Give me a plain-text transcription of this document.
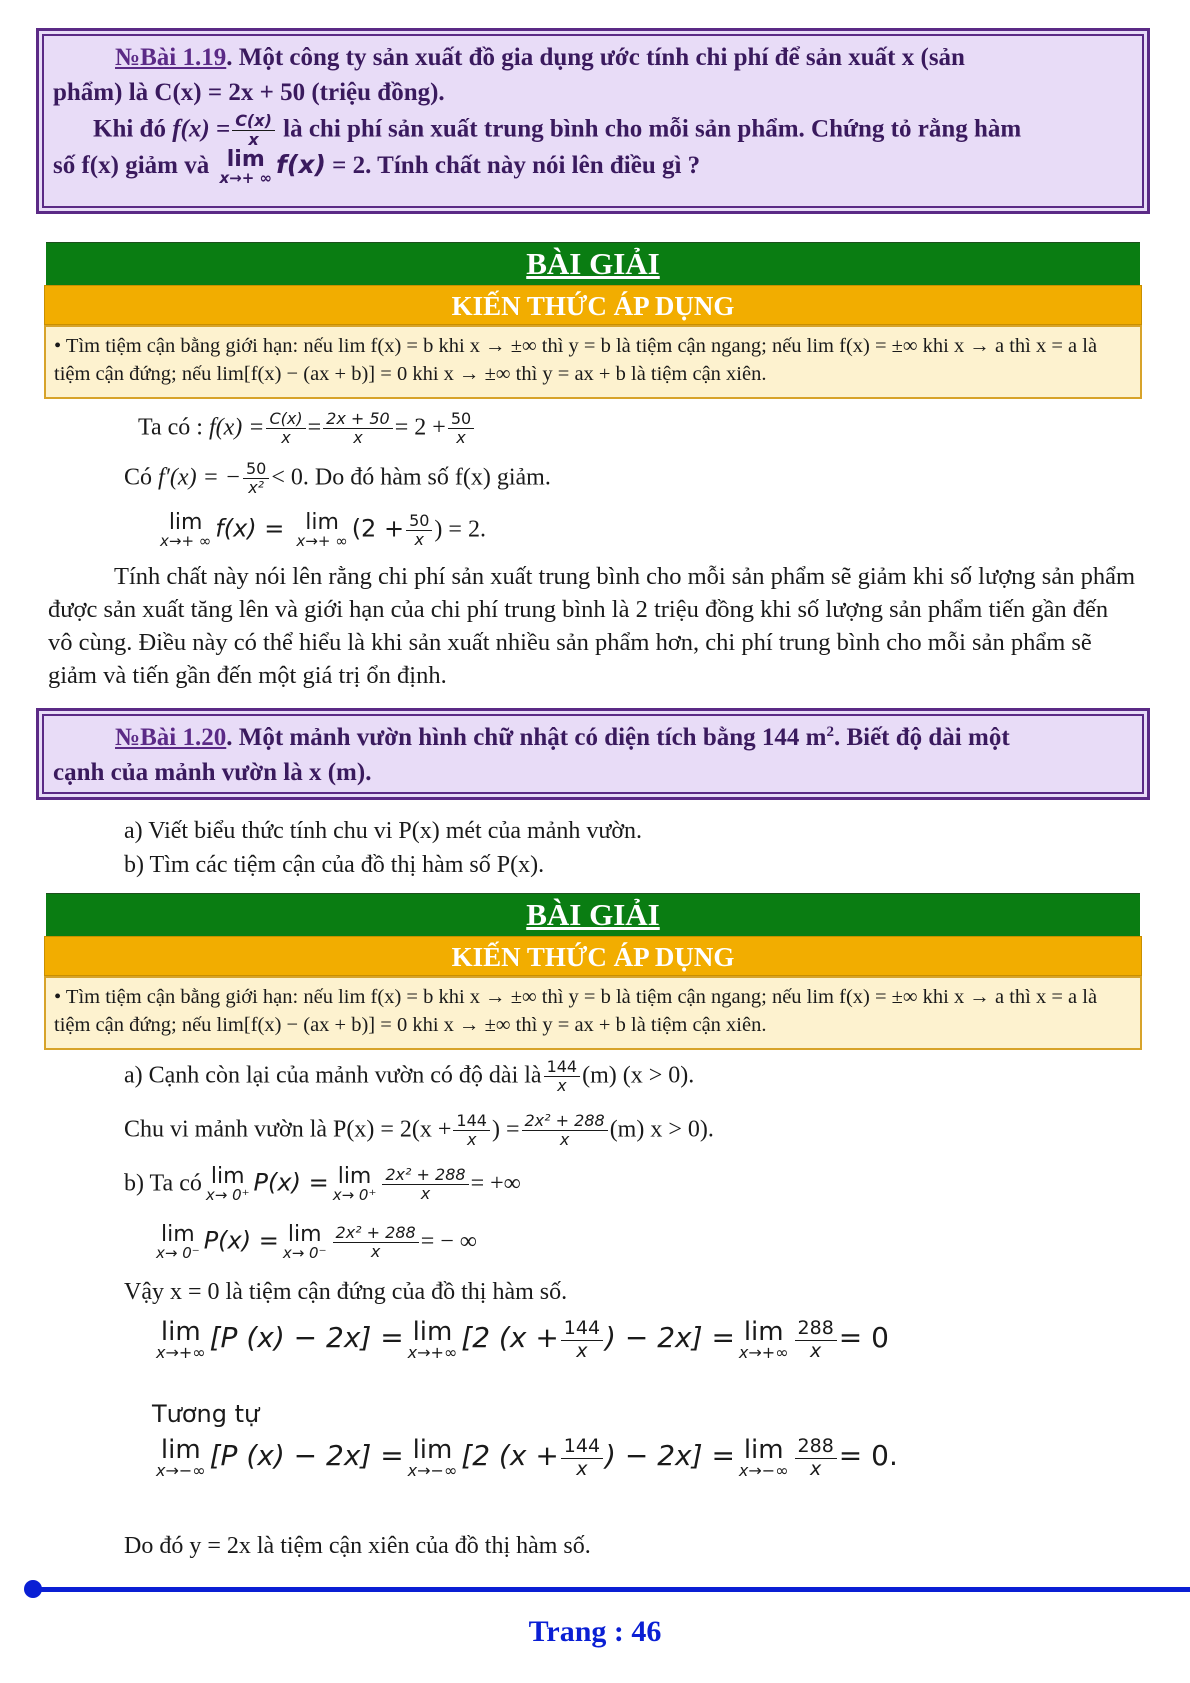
№Bài 1.19. Một công ty sản xuất đồ gia dụng ước tính chi phí để sản xuất x (sản
phẩm) là C(x) = 2x + 50 (triệu đồng).
Khi đó $f(x) = \frac{C(x)}{x}$ là chi phí sản xuất trung bình cho mỗi sản phẩm. Chứng tỏ rằng hàm
số f(x) giảm và lim
x→+ ∞ f(x) = 2. Tính chất này nói lên điều gì ?
BÀI GIẢI
KIẾN THỨC ÁP DỤNG
• Tìm tiệm cận bằng giới hạn: nếu lim f(x) = b khi x → ±∞ thì y = b là tiệm cận ngang; nếu lim f(x) = ±∞ khi x → a thì x = a là tiệm cận đứng; nếu lim[f(x) − (ax + b)] = 0 khi x → ±∞ thì y = ax + b là tiệm cận xiên.
Ta có : $f(x) = \frac{C(x)}{x} = \frac{2x + 50}{x} = 2 + \frac{50}{x}$
Có f′(x) = − $\frac{50}{\text{x²}} < 0$. Do đó hàm số f(x) giảm.
lim
x→+ ∞ f(x) = lim
x→+ ∞ ($2 + \frac{50}{x}$ ) = 2.
Tính chất này nói lên rằng chi phí sản xuất trung bình cho mỗi sản phẩm sẽ giảm khi số lượng sản phẩm được sản xuất tăng lên và giới hạn của chi phí trung bình là 2 triệu đồng khi số lượng sản phẩm tiến gần đến vô cùng. Điều này có thể hiểu là khi sản xuất nhiều sản phẩm hơn, chi phí trung bình cho mỗi sản phẩm sẽ giảm và tiến gần đến một giá trị ổn định.
№Bài 1.20. Một mảnh vườn hình chữ nhật có diện tích bằng 144 $m^2$. Biết độ dài một
cạnh của mảnh vườn là x (m).
a) Viết biểu thức tính chu vi P(x) mét của mảnh vườn.
b) Tìm các tiệm cận của đồ thị hàm số P(x).
BÀI GIẢI
KIẾN THỨC ÁP DỤNG
• Tìm tiệm cận bằng giới hạn: nếu lim f(x) = b khi x → ±∞ thì y = b là tiệm cận ngang; nếu lim f(x) = ±∞ khi x → a thì x = a là tiệm cận đứng; nếu lim[f(x) − (ax + b)] = 0 khi x → ±∞ thì y = ax + b là tiệm cận xiên.
a) Cạnh còn lại của mảnh vườn có độ dài là $\frac{144}{x} (m) (x > 0)$.
Chu vi mảnh vườn là $P(x) = 2(x + \frac{144}{x}$ ) = $\frac{\text{2x² + 288}}{x} (m) x > 0$).
b) Ta có lim
x→ 0⁺ P(x) = lim
$x\to 0^+ \frac{\text{2x² + 288}}{x}$ = +∞
lim
x→ 0⁻ P(x) = lim
$x\to 0^- \frac{\text{2x² + 288}}{x}$ = − ∞
Vậy x = 0 là tiệm cận đứng của đồ thị hàm số.
lim
x→+∞ [P (x) − 2x] = lim
x→+∞ [2 ($x + \frac{144}{x}$ ) − 2x] = lim
$x\to+\infty \frac{288}{x} = 0$
Tương tự
lim
x→−∞ [P (x) − 2x] = lim
x→−∞ [2 ($x + \frac{144}{x}$ ) − 2x] = lim
$x\to-\infty \frac{288}{x} = 0$.
Do đó y = 2x là tiệm cận xiên của đồ thị hàm số.
Trang : 46
